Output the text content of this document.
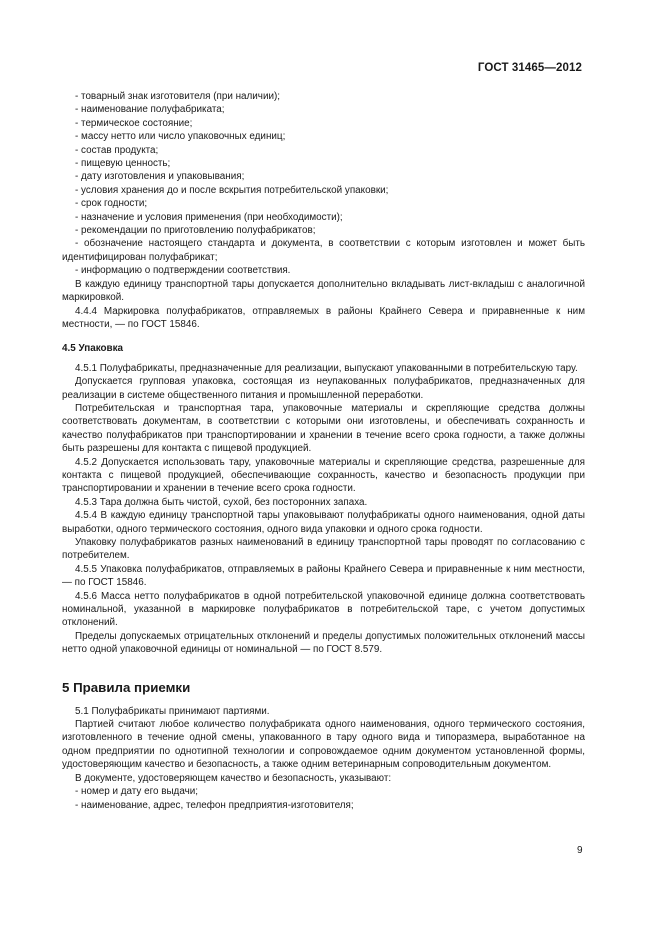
ГОСТ 31465—2012

- товарный знак изготовителя (при наличии);

- наименование полуфабриката;

- термическое состояние;

- массу нетто или число упаковочных единиц;

- состав продукта;

- пищевую ценность;

- дату изготовления и упаковывания;

- условия хранения до и после вскрытия потребительской упаковки;

- срок годности;

- назначение и условия применения (при необходимости);

- рекомендации по приготовлению полуфабрикатов;

- обозначение настоящего стандарта и документа, в соответствии с которым изготовлен и может быть идентифицирован полуфабрикат;

- информацию о подтверждении соответствия.

В каждую единицу транспортной тары допускается дополнительно вкладывать лист-вкладыш с аналогичной маркировкой.

4.4.4 Маркировка полуфабрикатов, отправляемых в районы Крайнего Севера и приравненные к ним местности, — по ГОСТ 15846.

4.5 Упаковка

4.5.1 Полуфабрикаты, предназначенные для реализации, выпускают упакованными в потребительскую тару.

Допускается групповая упаковка, состоящая из неупакованных полуфабрикатов, предназначенных для реализации в системе общественного питания и промышленной переработки.

Потребительская и транспортная тара, упаковочные материалы и скрепляющие средства должны соответствовать документам, в соответствии с которыми они изготовлены, и обеспечивать сохранность и качество полуфабрикатов при транспортировании и хранении в течение всего срока годности, а также должны быть разрешены для контакта с пищевой продукцией.

4.5.2 Допускается использовать тару, упаковочные материалы и скрепляющие средства, разрешенные для контакта с пищевой продукцией, обеспечивающие сохранность, качество и безопасность продукции при транспортировании и хранении в течение всего срока годности.

4.5.3 Тара должна быть чистой, сухой, без посторонних запаха.

4.5.4 В каждую единицу транспортной тары упаковывают полуфабрикаты одного наименования, одной даты выработки, одного термического состояния, одного вида упаковки и одного срока годности.

Упаковку полуфабрикатов разных наименований в единицу транспортной тары проводят по согласованию с потребителем.

4.5.5 Упаковка полуфабрикатов, отправляемых в районы Крайнего Севера и приравненные к ним местности, — по ГОСТ 15846.

4.5.6 Масса нетто полуфабрикатов в одной потребительской упаковочной единице должна соответствовать номинальной, указанной в маркировке полуфабрикатов в потребительской таре, с учетом допустимых отклонений.

Пределы допускаемых отрицательных отклонений и пределы допустимых положительных отклонений массы нетто одной упаковочной единицы от номинальной — по ГОСТ 8.579.

5 Правила приемки

5.1 Полуфабрикаты принимают партиями.

Партией считают любое количество полуфабриката одного наименования, одного термического состояния, изготовленного в течение одной смены, упакованного в тару одного вида и типоразмера, выработанное на одном предприятии по однотипной технологии и сопровождаемое одним документом установленной формы, удостоверяющим качество и безопасность, а также одним ветеринарным сопроводительным документом.

В документе, удостоверяющем качество и безопасность, указывают:

- номер и дату его выдачи;

- наименование, адрес, телефон предприятия-изготовителя;

9
